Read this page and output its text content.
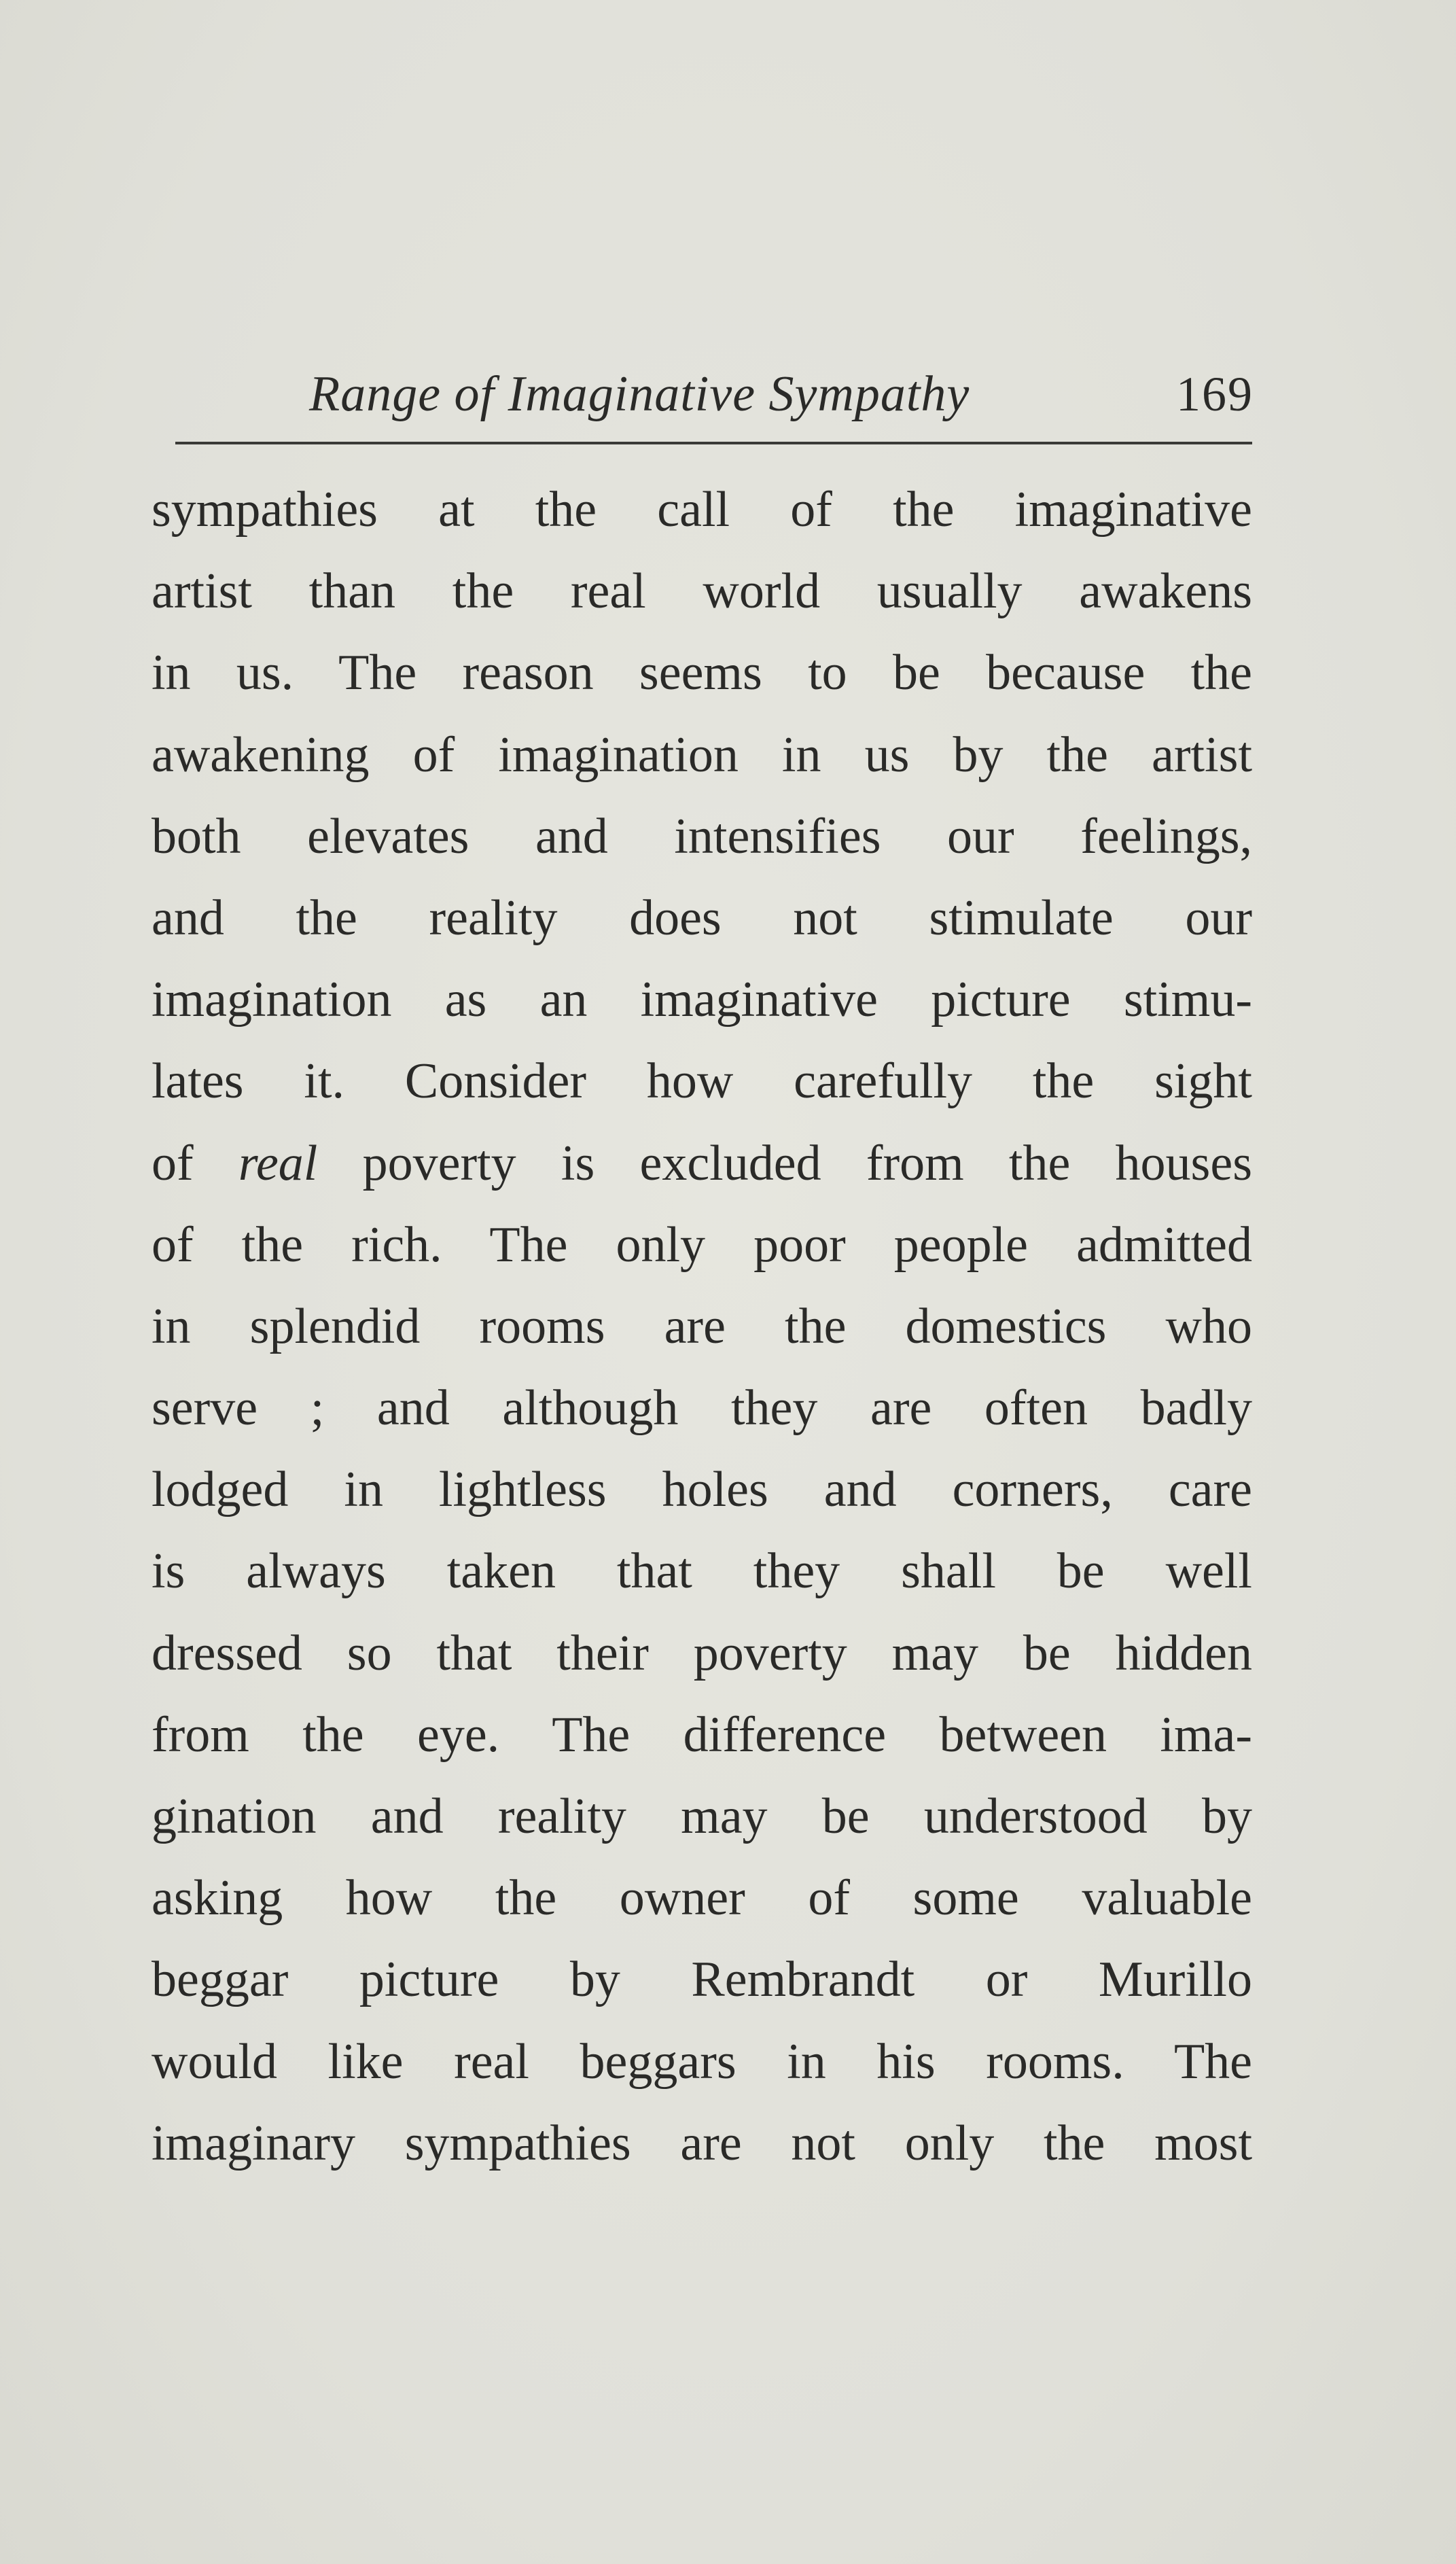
Range of Imaginative Sympathy	169
sympathies at the call of the imaginative
artist than the real world usually awakens
in us. The reason seems to be because the
awakening of imagination in us by the artist
both elevates and intensifies our feelings,
and the reality does not stimulate our
imagination as an imaginative picture stimu-
lates it. Consider how carefully the sight
of real poverty is excluded from the houses
of the rich. The only poor people admitted
in splendid rooms are the domestics who
serve ; and although they are often badly
lodged in lightless holes and corners, care
is always taken that they shall be well
dressed so that their poverty may be hidden
from the eye. The difference between ima-
gination and reality may be understood by
asking how the owner of some valuable
beggar picture by Rembrandt or Murillo
would like real beggars in his rooms. The
imaginary sympathies are not only the most
